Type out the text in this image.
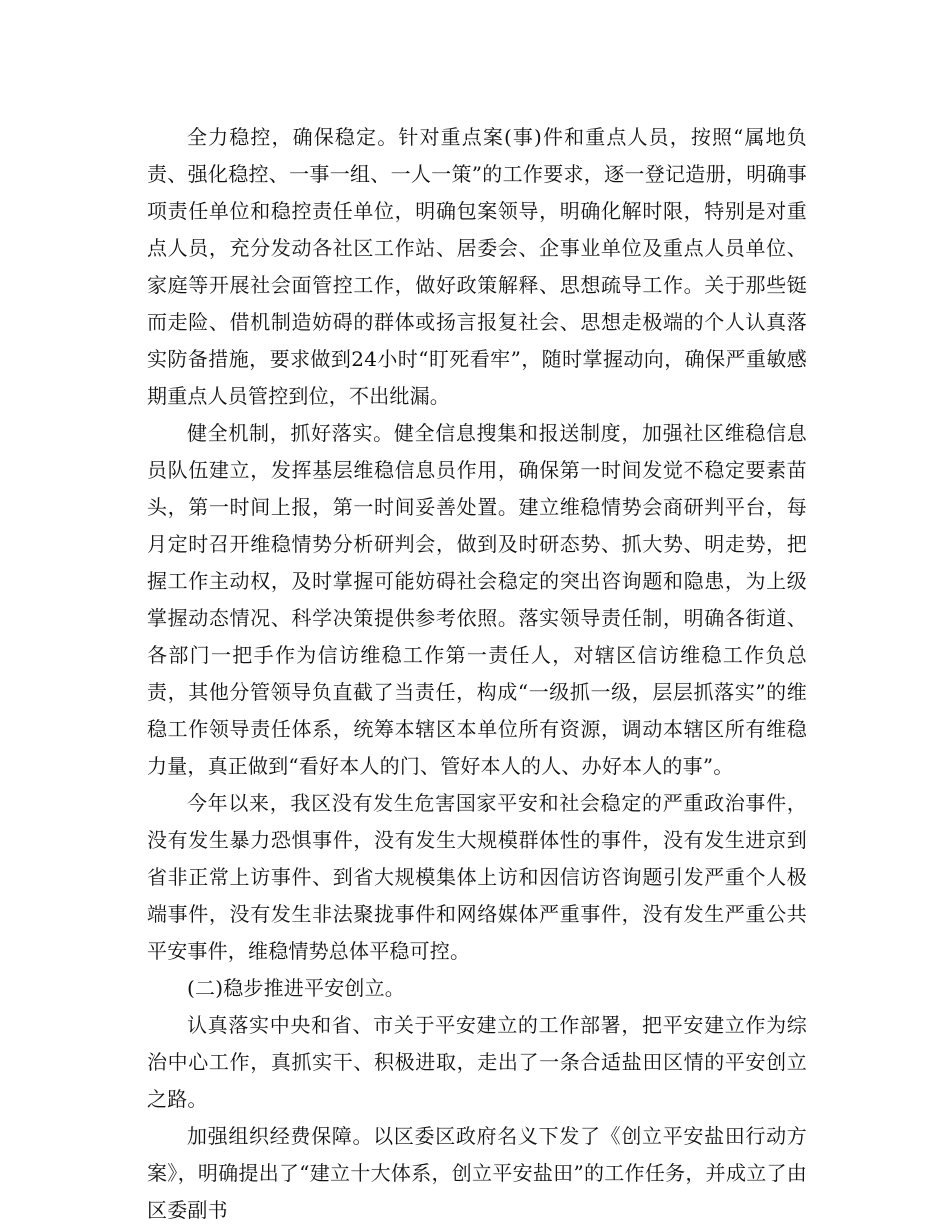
全力稳控，确保稳定。针对重点案(事)件和重点人员，按照“属地负责、强化稳控、一事一组、一人一策”的工作要求，逐一登记造册，明确事项责任单位和稳控责任单位，明确包案领导，明确化解时限，特别是对重点人员，充分发动各社区工作站、居委会、企事业单位及重点人员单位、家庭等开展社会面管控工作，做好政策解释、思想疏导工作。关于那些铤而走险、借机制造妨碍的群体或扬言报复社会、思想走极端的个人认真落实防备措施，要求做到24小时“盯死看牢”，随时掌握动向，确保严重敏感期重点人员管控到位，不出纰漏。

健全机制，抓好落实。健全信息搜集和报送制度，加强社区维稳信息员队伍建立，发挥基层维稳信息员作用，确保第一时间发觉不稳定要素苗头，第一时间上报，第一时间妥善处置。建立维稳情势会商研判平台，每月定时召开维稳情势分析研判会，做到及时研态势、抓大势、明走势，把握工作主动权，及时掌握可能妨碍社会稳定的突出咨询题和隐患，为上级掌握动态情况、科学决策提供参考依照。落实领导责任制，明确各街道、各部门一把手作为信访维稳工作第一责任人，对辖区信访维稳工作负总责，其他分管领导负直截了当责任，构成“一级抓一级，层层抓落实”的维稳工作领导责任体系，统筹本辖区本单位所有资源，调动本辖区所有维稳力量，真正做到“看好本人的门、管好本人的人、办好本人的事”。

今年以来，我区没有发生危害国家平安和社会稳定的严重政治事件，没有发生暴力恐惧事件，没有发生大规模群体性的事件，没有发生进京到省非正常上访事件、到省大规模集体上访和因信访咨询题引发严重个人极端事件，没有发生非法聚拢事件和网络媒体严重事件，没有发生严重公共平安事件，维稳情势总体平稳可控。

(二)稳步推进平安创立。

认真落实中央和省、市关于平安建立的工作部署，把平安建立作为综治中心工作，真抓实干、积极进取，走出了一条合适盐田区情的平安创立之路。

加强组织经费保障。以区委区政府名义下发了《创立平安盐田行动方案》，明确提出了“建立十大体系，创立平安盐田”的工作任务，并成立了由区委副书
